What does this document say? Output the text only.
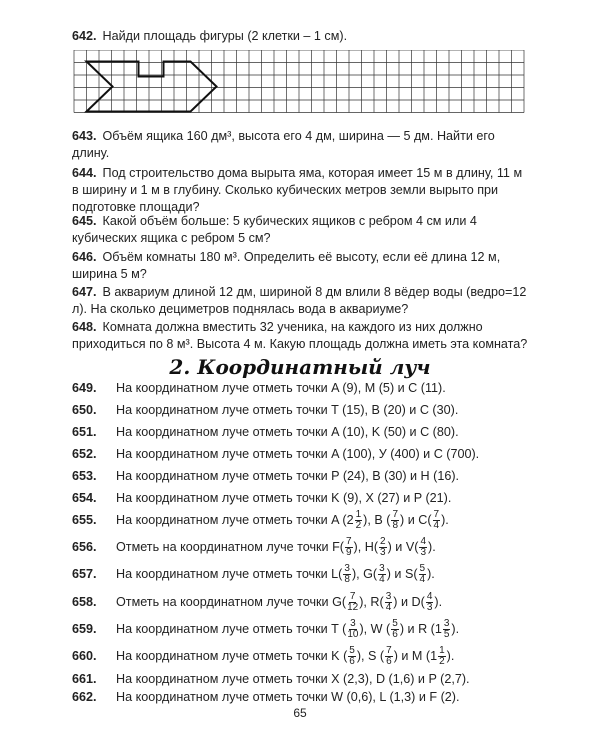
642. Найди площадь фигуры (2 клетки – 1 см).
643. Объём ящика 160 дм³, высота его 4 дм, ширина — 5 дм. Найти его длину.
644. Под строительство дома вырыта яма, которая имеет 15 м в длину, 11 м в ширину и 1 м в глубину. Сколько кубических метров земли вырыто при подготовке площади?
645. Какой объём больше: 5 кубических ящиков с ребром 4 см или 4 кубических ящика с ребром 5 см?
646. Объём комнаты 180 м³. Определить её высоту, если её длина 12 м, ширина 5 м?
647. В аквариум длиной 12 дм, шириной 8 дм влили 8 вёдер воды (ведро=12 л). На сколько дециметров поднялась вода в аквариуме?
648. Комната должна вместить 32 ученика, на каждого из них должно приходиться по 8 м³. Высота 4 м. Какую площадь должна иметь эта комната?
2. Координатный луч
649.	На координатном луче отметь точки A (9), M (5) и C (11).
650.	На координатном луче отметь точки T (15), B (20) и C (30).
651.	На координатном луче отметь точки A (10), K (50) и C (80).
652.	На координатном луче отметь точки A (100), У (400) и C (700).
653.	На координатном луче отметь точки P (24), B (30) и H (16).
654.	На координатном луче отметь точки K (9), X (27) и P (21).
655.	На координатном луче отметь точки
A ($2 \frac{1}{2}$ ),
B ( $\frac{7}{8}$ ) и
$C( \frac{7}{4}$ ).
656.	Отметь на координатном луче точки
$F( \frac{7}{9}$ ),
$H( \frac{2}{3}$ ) и
$V( \frac{4}{3}$ ).
657.	На координатном луче отметь точки
$L( \frac{3}{8}$ ),
$G( \frac{3}{4}$ ) и
$S( \frac{5}{4}$ ).
658.	Отметь на координатном луче точки
$G( \frac{7}{12}$ ),
$R( \frac{3}{4}$ ) и
$D( \frac{4}{3}$ ).
659.	На координатном луче отметь точки
T ( $\frac{3}{10}$ ),
W ( $\frac{5}{6}$ ) и
R ($1 \frac{3}{5}$ ).
660.	На координатном луче отметь точки
K ( $\frac{5}{6}$ ),
S ( $\frac{7}{6}$ ) и
M ($1 \frac{1}{2}$ ).
661.	На координатном луче отметь точки X (2,3), D (1,6) и P (2,7).
662.	На координатном луче отметь точки W (0,6), L (1,3) и F (2).
65
